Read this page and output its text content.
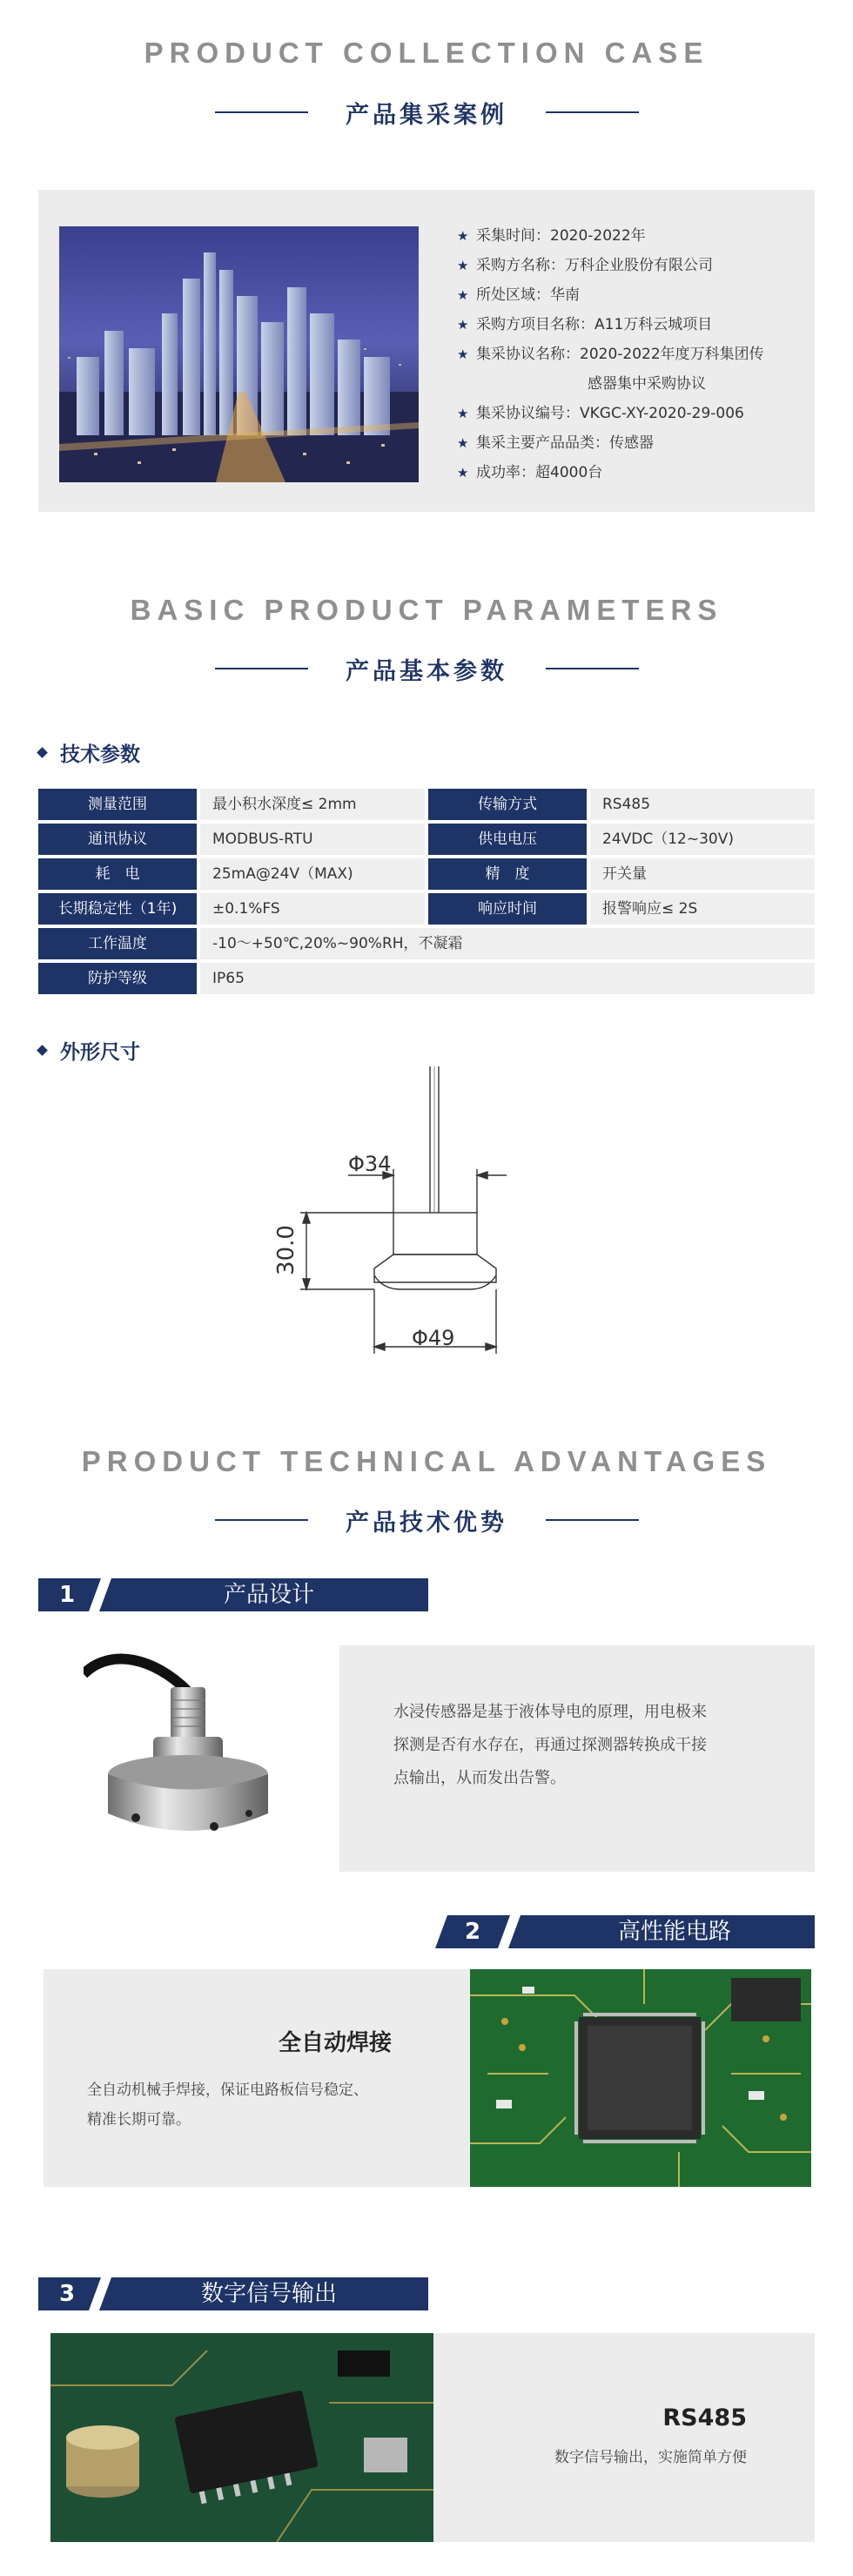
PRODUCT COLLECTION CASE
产品集采案例
★ 采集时间：2020-2022年
★ 采购方名称：万科企业股份有限公司
★ 所处区域：华南
★ 采购方项目名称：A11万科云城项目
★ 集采协议名称：2020-2022年度万科集团传
感器集中采购协议
★ 集采协议编号：VKGC-XY-2020-29-006
★ 集采主要产品品类：传感器
★ 成功率：超4000台
BASIC PRODUCT PARAMETERS
产品基本参数
技术参数
测量范围	最小积水深度≤ 2mm	传输方式	RS485
通讯协议	MODBUS-RTU	供电电压	24VDC（12~30V)
耗　电	25mA@24V（MAX)	精　度	开关量
长期稳定性（1年)	±0.1%FS	响应时间	报警响应≤ 2S
工作温度	-10～+50℃,20%~90%RH，不凝霜
防护等级	IP65
外形尺寸
Φ34
Φ49
30.0
PRODUCT TECHNICAL ADVANTAGES
产品技术优势
1	产品设计
水浸传感器是基于液体导电的原理，用电极来
探测是否有水存在，再通过探测器转换成干接
点输出，从而发出告警。
2	高性能电路
全自动焊接
全自动机械手焊接，保证电路板信号稳定、
精准长期可靠。
3	数字信号输出
RS485
数字信号输出，实施简单方便
